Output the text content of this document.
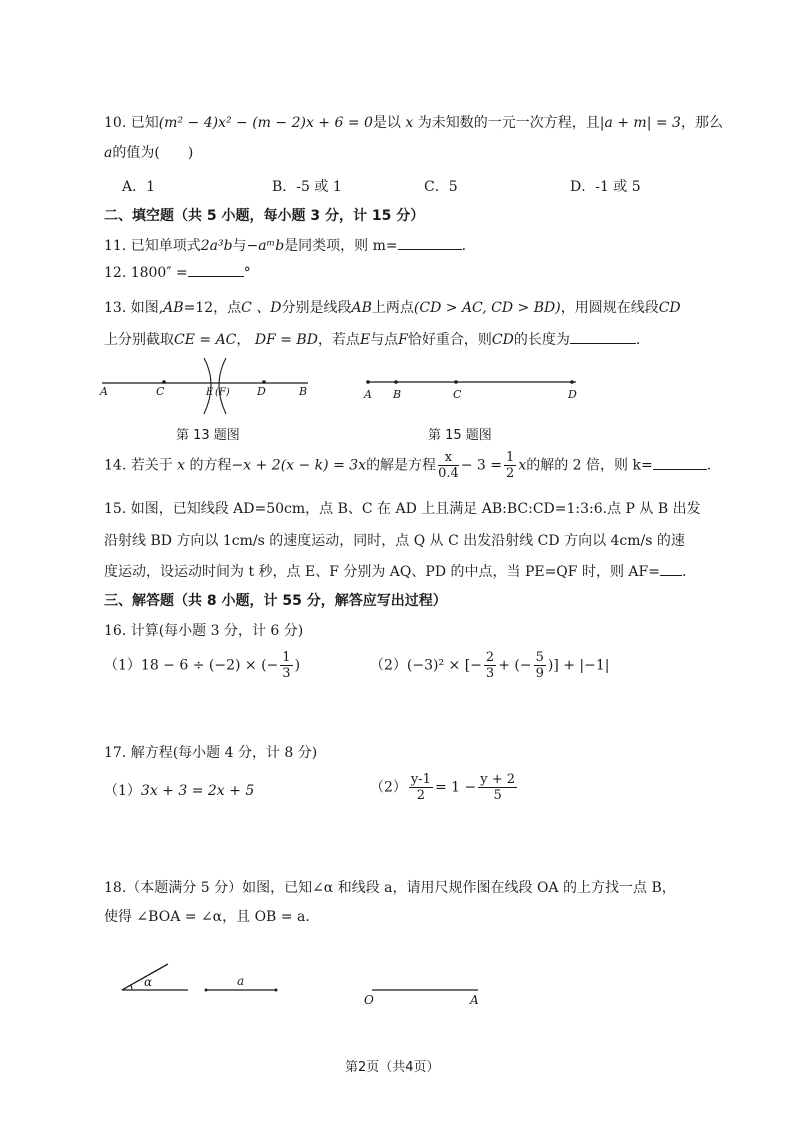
10. 已知(m² − 4)x² − (m − 2)x + 6 = 0是以 x 为未知数的一元一次方程，且|a + m| = 3，那么
a的值为(　　)
A．1	B．-5 或 1	C．5	D．-1 或 5
二、填空题（共 5 小题，每小题 3 分，计 15 分）
11. 已知单项式2a³b与−aᵐb是同类项，则 m=	.
12. 1800″ =	°
13. 如图,AB=12，点C 、D分别是线段AB上两点(CD > AC, CD > BD)，用圆规在线段CD
上分别截取CE = AC， DF = BD，若点E与点F恰好重合，则CD的长度为	.
A	C	E (F) D	B
第 13 题图
A B	C	D
第 15 题图
14. 若关于 x 的方程−x + 2(x − k) = 3x的解是方程 $\frac{x}{0.4} - 3 = \frac{1}{2}$ x的解的 2 倍，则 k=	.
15. 如图，已知线段 AD=50cm，点 B、C 在 AD 上且满足 AB:BC:CD=1:3:6.点 P 从 B 出发
沿射线 BD 方向以 1cm/s 的速度运动，同时，点 Q 从 C 出发沿射线 CD 方向以 4cm/s 的速
度运动，设运动时间为 t 秒，点 E、F 分别为 AQ、PD 的中点，当 PE=QF 时，则 AF= .
三、解答题（共 8 小题，计 55 分，解答应写出过程）
16. 计算(每小题 3 分，计 6 分)
（1）18 − 6 ÷ (−2) × (− $\frac{1}{3}$ )	（2）(−3)² × [− $\frac{2}{3}$ + (− $\frac{5}{9}$ )] + |−1|
17. 解方程(每小题 4 分，计 8 分)
（1）3x + 3 = 2x + 5	$(2) \frac{y-1}{2} = 1 - \frac{y + 2}{5}$
18.（本题满分 5 分）如图，已知∠α 和线段 a，请用尺规作图在线段 OA 的上方找一点 B，
使得 ∠BOA = ∠α，且 OB = a．
α	a
O	A
第2页（共4页）
